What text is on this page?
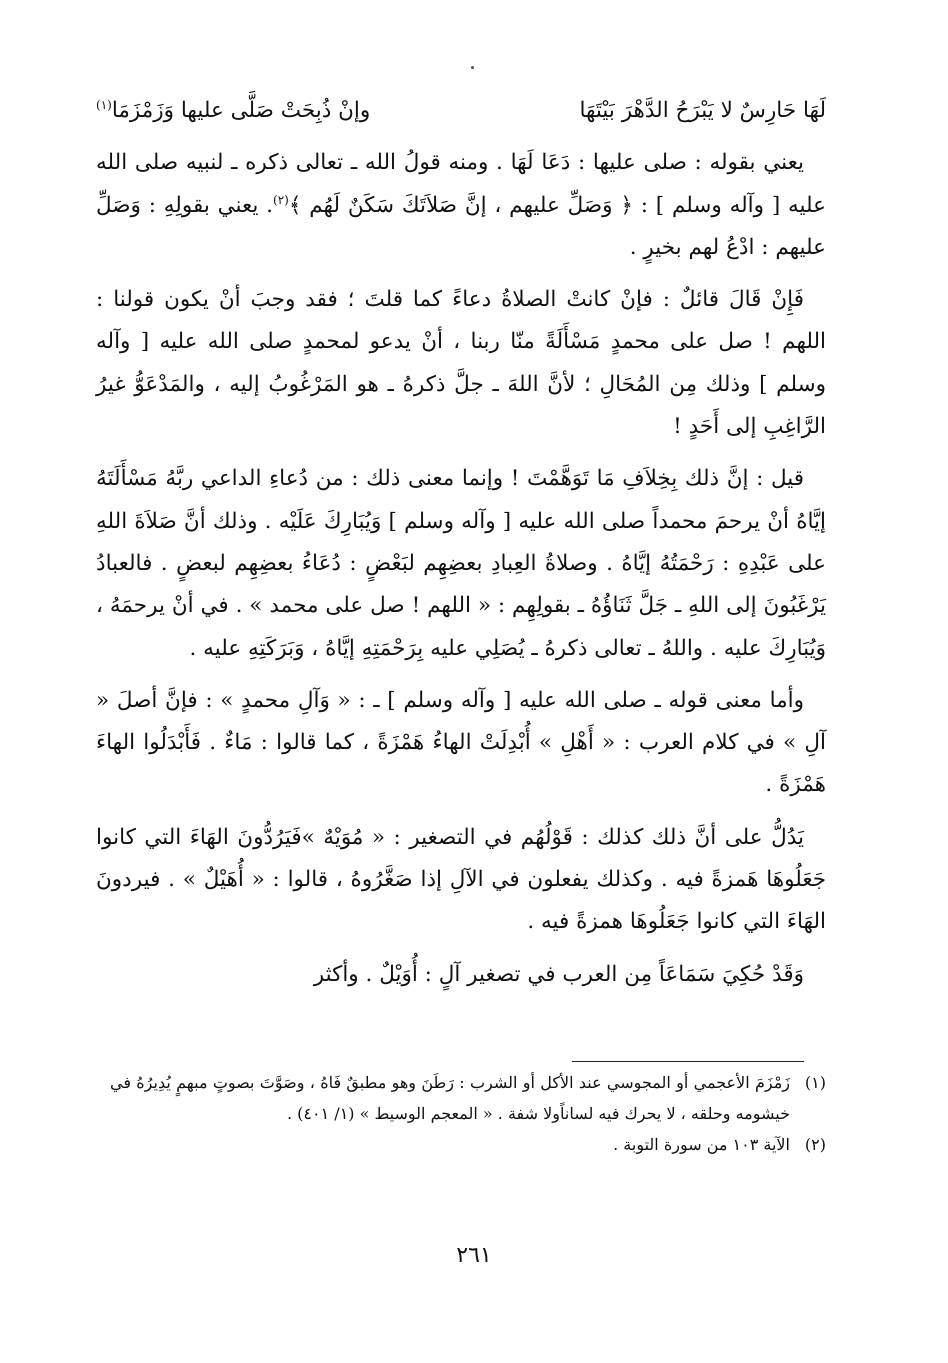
لَهَا حَارِسٌ لا يَبْرَحُ الدَّهْرَ بَيْتَهَا
وإنْ ذُبِحَتْ صَلَّى عليها وَزَمْزَمَا$^{(١)}$

يعني بقوله : صلى عليها : دَعَا لَهَا . ومنه قولُ الله ـ تعالى ذكره ـ لنبيه صلى الله عليه [ وآله وسلم ] : ﴿ وَصَلِّ عليهم ، إنَّ صَلاَتَكَ سَكَنٌ لَهُم ﴾$^{(٢)}$. يعني بقولِهِ : وَصَلِّ عليهم : ادْعُ لهم بخيرٍ .

فَإِنْ قَالَ قائلٌ : فإنْ كانتْ الصلاةُ دعاءً كما قلتَ ؛ فقد وجبَ أنْ يكون قولنا : اللهم ! صل على محمدٍ مَسْأَلَةً منّا ربنا ، أنْ يدعو لمحمدٍ صلى الله عليه [ وآله وسلم ] وذلك مِن المُحَالِ ؛ لأنَّ اللهَ ـ جلَّ ذكرهُ ـ هو المَرْغُوبُ إليه ، والمَدْعَوُّ غيرُ الرَّاغِبِ إلى أَحَدٍ !

قيل : إنَّ ذلك بِخِلاَفِ مَا تَوَهَّمْتَ ! وإنما معنى ذلك : من دُعاءِ الداعي ربَّهُ مَسْأَلَتَهُ إيَّاهُ أنْ يرحمَ محمداً صلى الله عليه [ وآله وسلم ] وَيُبَارِكَ عَلَيْه . وذلك أنَّ صَلاَةَ اللهِ على عَبْدِهِ : رَحْمَتُهُ إيَّاهُ . وصلاةُ العِبادِ بعضِهِم لبَعْضٍ : دُعَاءُ بعضِهِم لبعضٍ . فالعبادُ يَرْغَبُونَ إلى اللهِ ـ جَلَّ ثَنَاؤُهُ ـ بقولِهِم : « اللهم ! صل على محمد » . في أنْ يرحمَهُ ، وَيُبَارِكَ عليه . واللهُ ـ تعالى ذكرهُ ـ يُصَلِي عليه بِرَحْمَتِهِ إيَّاهُ ، وَبَرَكَتِهِ عليه .

وأما معنى قوله ـ صلى الله عليه [ وآله وسلم ] ـ : « وَآلِ محمدٍ » : فإنَّ أصلَ « آلِ » في كلام العرب : « أَهْلِ » أُبْدِلَتْ الهاءُ هَمْزَةً ، كما قالوا : مَاءٌ . فَأَبْدَلُوا الهاءَ هَمْزَةً .

يَدُلُّ على أنَّ ذلك كذلك : قَوْلُهُم في التصغير : « مُوَيْهٌ »فَيَرُدُّونَ الهَاءَ التي كانوا جَعَلُوهَا هَمزةً فيه . وكذلك يفعلون في الآلِ إذا صَغَّرُوهُ ، قالوا : « أُهَيْلٌ » . فيردونَ الهَاءَ التي كانوا جَعَلُوهَا همزةً فيه .

وَقَدْ حُكِيَ سَمَاعَاً مِن العرب في تصغير آلٍ : أُوَيْلٌ . وأكثر

(١)
زَمْزَمَ الأعجمي أو المجوسي عند الأكل أو الشرب : رَطَنَ وهو مطبقٌ فَاهُ ، وصَوَّتَ بصوتٍ مبهمٍ يُدِيرُهُ في خيشومه وحلقه ، لا يحرك فيه لساناًولا شفة . « المعجم الوسيط » (١/ ٤٠١) .
(٢)
الآية ١٠٣ من سورة التوبة .
٢٦١
